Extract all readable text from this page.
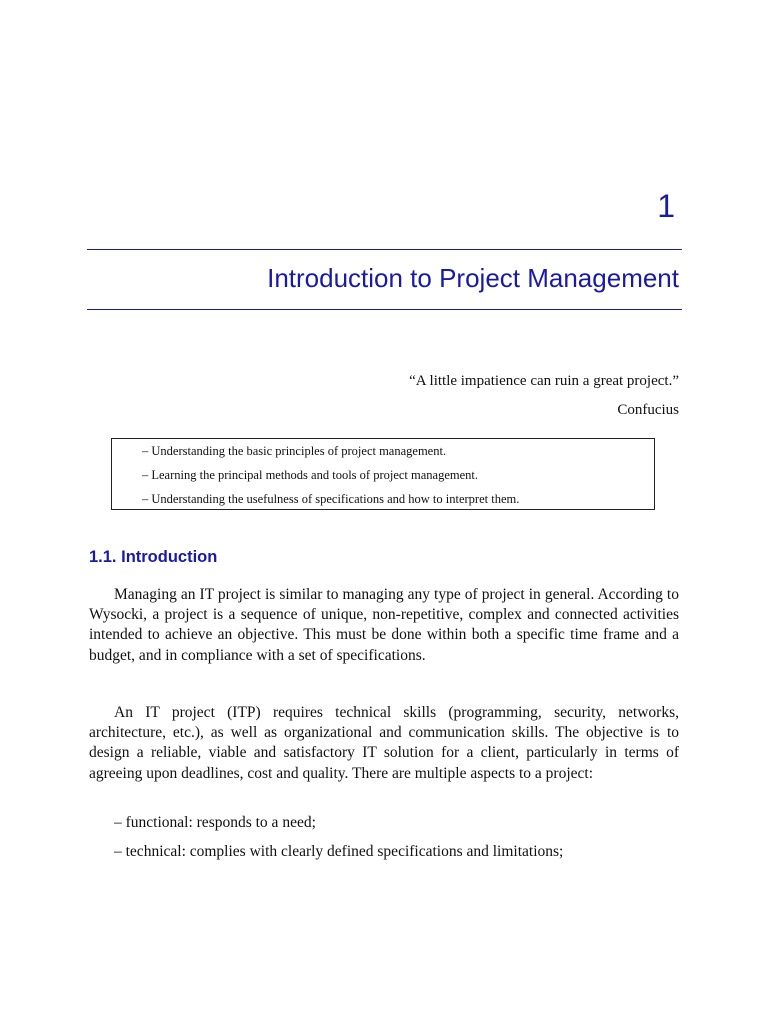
1
Introduction to Project Management
“A little impatience can ruin a great project.”
Confucius
– Understanding the basic principles of project management.
– Learning the principal methods and tools of project management.
– Understanding the usefulness of specifications and how to interpret them.
1.1. Introduction
Managing an IT project is similar to managing any type of project in general. According to Wysocki, a project is a sequence of unique, non-repetitive, complex and connected activities intended to achieve an objective. This must be done within both a specific time frame and a budget, and in compliance with a set of specifications.
An IT project (ITP) requires technical skills (programming, security, networks, architecture, etc.), as well as organizational and communication skills. The objective is to design a reliable, viable and satisfactory IT solution for a client, particularly in terms of agreeing upon deadlines, cost and quality. There are multiple aspects to a project:
– functional: responds to a need;
– technical: complies with clearly defined specifications and limitations;
